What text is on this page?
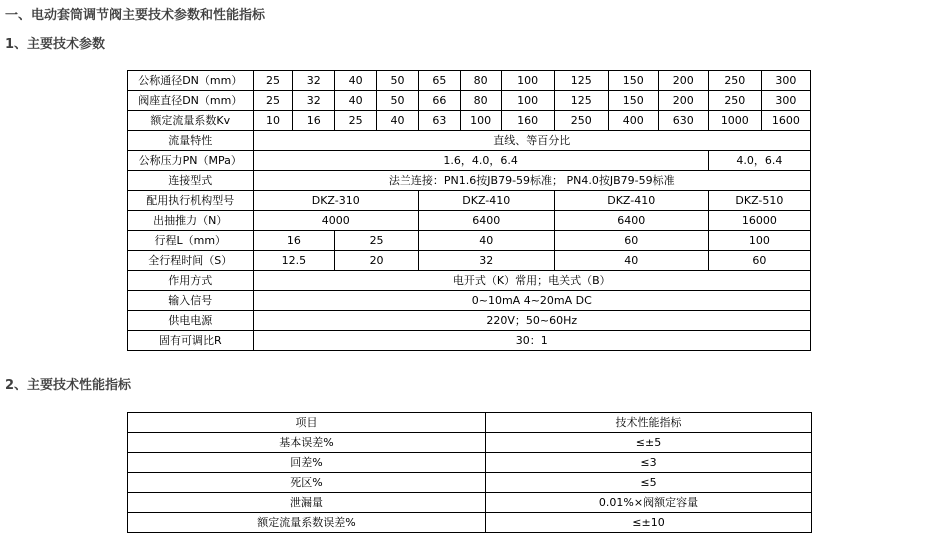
一、电动套筒调节阀主要技术参数和性能指标
1、主要技术参数
2、主要技术性能指标
公称通径DN（mm）	25	32	40	50	65	80	100	125	150	200	250	300
阀座直径DN（mm）	25	32	40	50	66	80	100	125	150	200	250	300
额定流量系数Kv	10	16	25	40	63	100	160	250	400	630	1000	1600
流量特性	直线、等百分比											
公称压力PN（MPa）	1.6，4.0，6.4										4.0，6.4	
连接型式	法兰连接：PN1.6按JB79-59标准； PN4.0按JB79-59标准											
配用执行机构型号	DKZ-310				DKZ-410			DKZ-410			DKZ-510	
出抽推力（N）	4000				6400			6400			16000	
行程L（mm）	16		25		40			60			100	
全行程时间（S）	12.5		20		32			40			60	
作用方式	电开式（K）常用；电关式（B）											
输入信号	0~10mA 4~20mA DC											
供电电源	220V；50~60Hz											
固有可调比R	30：1											
项目	技术性能指标
基本误差%	≤±5
回差%	≤3
死区%	≤5
泄漏量	0.01%×阀额定容量
额定流量系数误差%	≤±10
